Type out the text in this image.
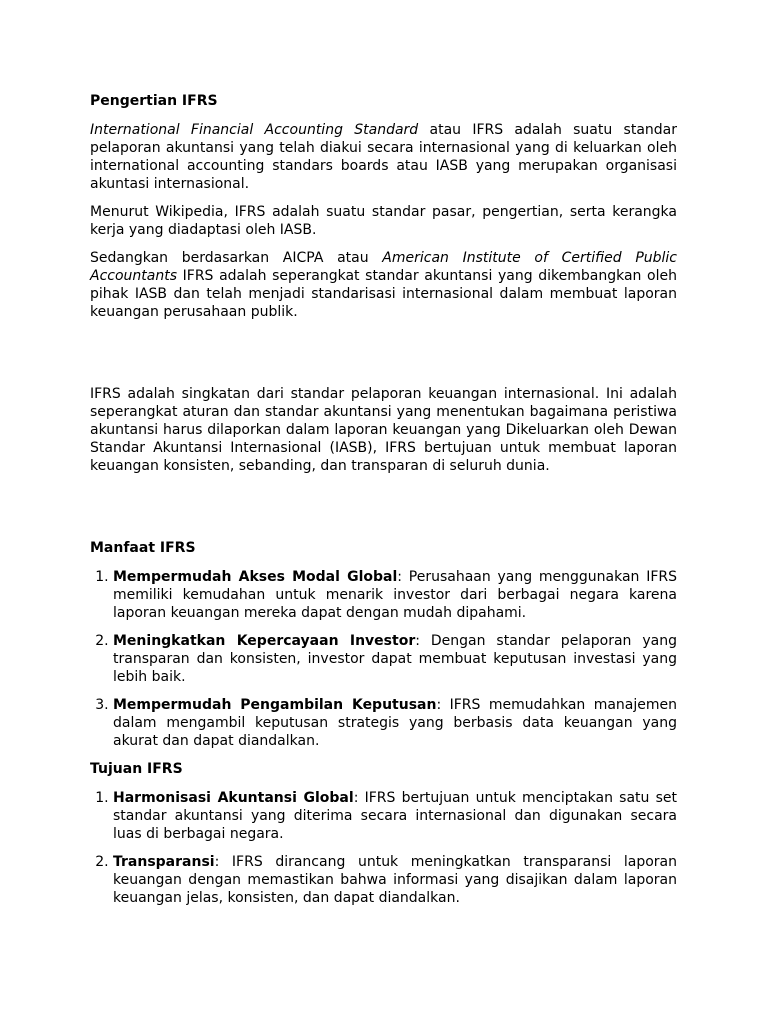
Pengertian IFRS

International Financial Accounting Standard atau IFRS adalah suatu standar pelaporan akuntansi yang telah diakui secara internasional yang di keluarkan oleh international accounting standars boards atau IASB yang merupakan organisasi akuntasi internasional.

Menurut Wikipedia, IFRS adalah suatu standar pasar, pengertian, serta kerangka kerja yang diadaptasi oleh IASB.

Sedangkan berdasarkan AICPA atau American Institute of Certified Public Accountants IFRS adalah seperangkat standar akuntansi yang dikembangkan oleh pihak IASB dan telah menjadi standarisasi internasional dalam membuat laporan keuangan perusahaan publik.

IFRS adalah singkatan dari standar pelaporan keuangan internasional. Ini adalah seperangkat aturan dan standar akuntansi yang menentukan bagaimana peristiwa akuntansi harus dilaporkan dalam laporan keuangan yang Dikeluarkan oleh Dewan Standar Akuntansi Internasional (IASB), IFRS bertujuan untuk membuat laporan keuangan konsisten, sebanding, dan transparan di seluruh dunia.

Manfaat IFRS
1. Mempermudah Akses Modal Global: Perusahaan yang menggunakan IFRS memiliki kemudahan untuk menarik investor dari berbagai negara karena laporan keuangan mereka dapat dengan mudah dipahami.
2. Meningkatkan Kepercayaan Investor: Dengan standar pelaporan yang transparan dan konsisten, investor dapat membuat keputusan investasi yang lebih baik.
3. Mempermudah Pengambilan Keputusan: IFRS memudahkan manajemen dalam mengambil keputusan strategis yang berbasis data keuangan yang akurat dan dapat diandalkan.
Tujuan IFRS
1. Harmonisasi Akuntansi Global: IFRS bertujuan untuk menciptakan satu set standar akuntansi yang diterima secara internasional dan digunakan secara luas di berbagai negara.
2. Transparansi: IFRS dirancang untuk meningkatkan transparansi laporan keuangan dengan memastikan bahwa informasi yang disajikan dalam laporan keuangan jelas, konsisten, dan dapat diandalkan.
